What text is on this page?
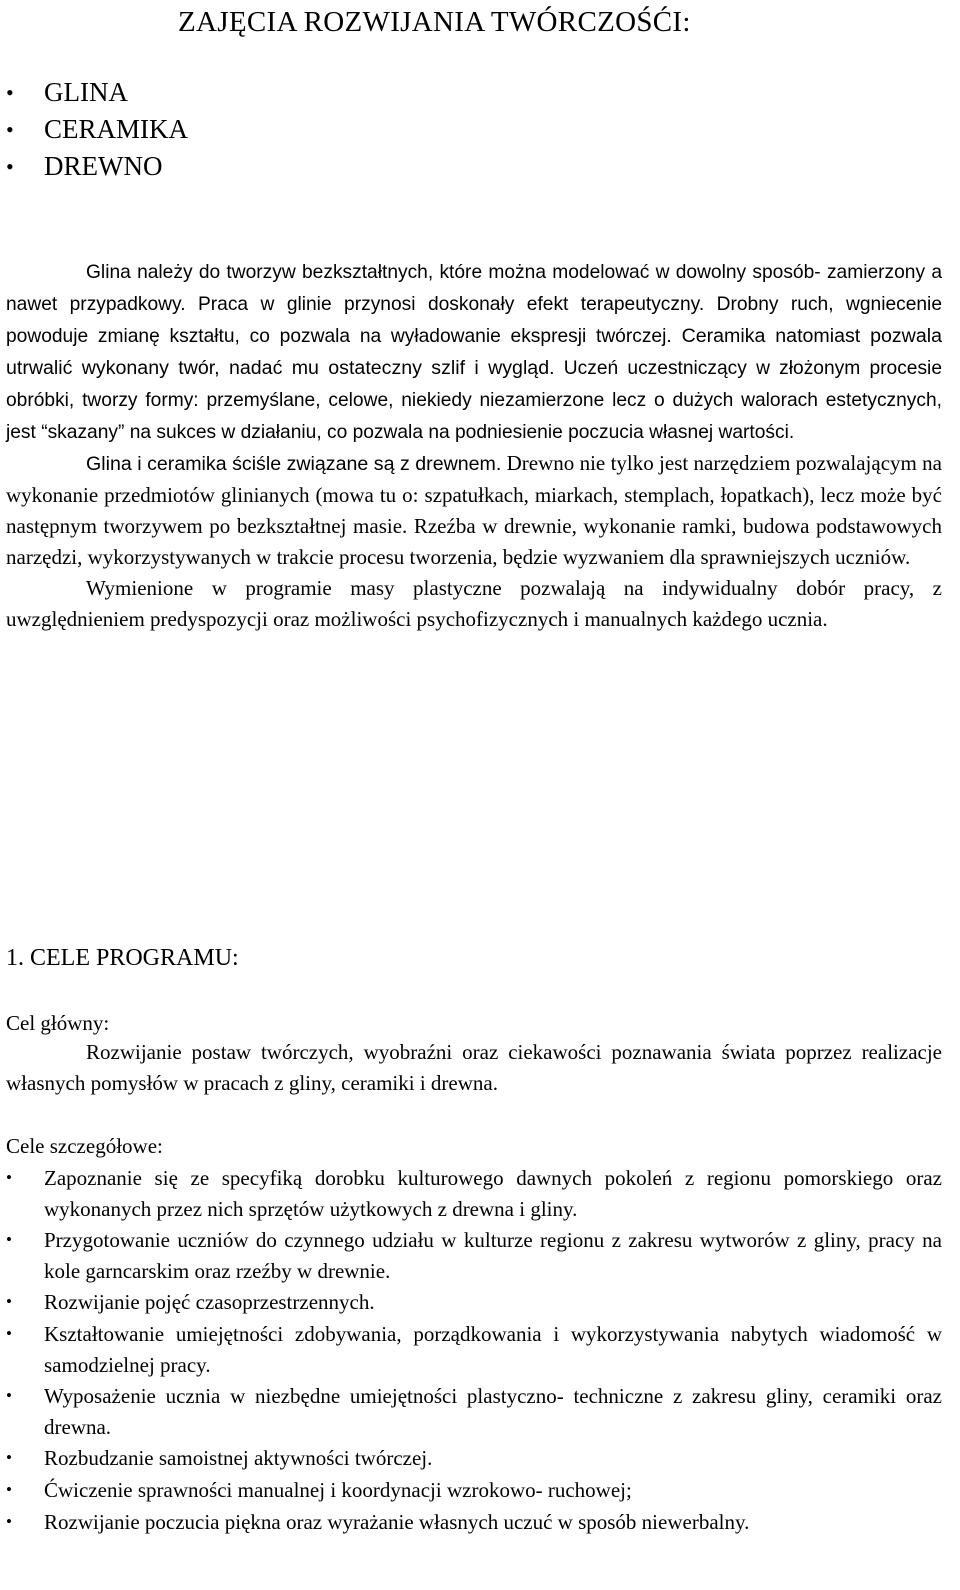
ZAJĘCIA ROZWIJANIA TWÓRCZOŚĆI:
• GLINA
• CERAMIKA
• DREWNO

Glina należy do tworzyw bezkształtnych, które można modelować w dowolny sposób- zamierzony a nawet przypadkowy. Praca w glinie przynosi doskonały efekt terapeutyczny. Drobny ruch, wgniecenie powoduje zmianę kształtu, co pozwala na wyładowanie ekspresji twórczej. Ceramika natomiast pozwala utrwalić wykonany twór, nadać mu ostateczny szlif i wygląd. Uczeń uczestniczący w złożonym procesie obróbki, tworzy formy: przemyślane, celowe, niekiedy niezamierzone lecz o dużych walorach estetycznych, jest “skazany” na sukces w działaniu, co pozwala na podniesienie poczucia własnej wartości.

Glina i ceramika ściśle związane są z drewnem. Drewno nie tylko jest narzędziem pozwalającym na wykonanie przedmiotów glinianych (mowa tu o: szpatułkach, miarkach, stemplach, łopatkach), lecz może być następnym tworzywem po bezkształtnej masie. Rzeźba w drewnie, wykonanie ramki, budowa podstawowych narzędzi, wykorzystywanych w trakcie procesu tworzenia, będzie wyzwaniem dla sprawniejszych uczniów.

Wymienione w programie masy plastyczne pozwalają na indywidualny dobór pracy, z uwzględnieniem predyspozycji oraz możliwości psychofizycznych i manualnych każdego ucznia.

1. CELE PROGRAMU:
Cel główny:

Rozwijanie postaw twórczych, wyobraźni oraz ciekawości poznawania świata poprzez realizacje własnych pomysłów w pracach z gliny, ceramiki i drewna.

Cele szczegółowe:
• Zapoznanie się ze specyfiką dorobku kulturowego dawnych pokoleń z regionu pomorskiego oraz wykonanych przez nich sprzętów użytkowych z drewna i gliny.
• Przygotowanie uczniów do czynnego udziału w kulturze regionu z zakresu wytworów z gliny, pracy na kole garncarskim oraz rzeźby w drewnie.
• Rozwijanie pojęć czasoprzestrzennych.
• Kształtowanie umiejętności zdobywania, porządkowania i wykorzystywania nabytych wiadomość w samodzielnej pracy.
• Wyposażenie ucznia w niezbędne umiejętności plastyczno- techniczne z zakresu gliny, ceramiki oraz drewna.
• Rozbudzanie samoistnej aktywności twórczej.
• Ćwiczenie sprawności manualnej i koordynacji wzrokowo- ruchowej;
• Rozwijanie poczucia piękna oraz wyrażanie własnych uczuć w sposób niewerbalny.
